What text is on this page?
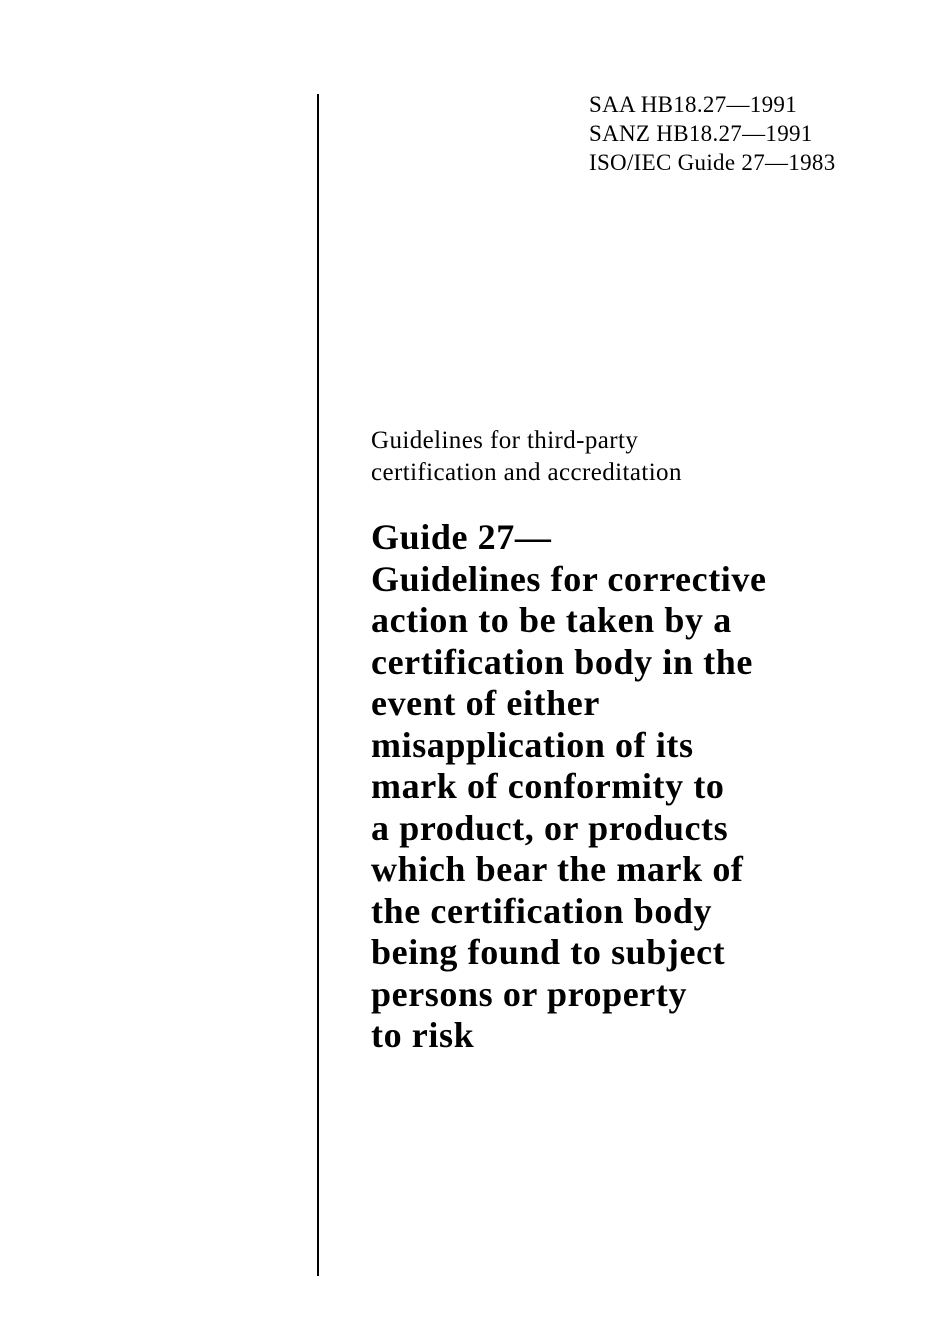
SAA HB18.27—1991
SANZ HB18.27—1991
ISO/IEC Guide 27—1983
Guidelines for third-party
certification and accreditation
Guide 27—
Guidelines for corrective
action to be taken by a
certification body in the
event of either
misapplication of its
mark of conformity to
a product, or products
which bear the mark of
the certification body
being found to subject
persons or property
to risk
